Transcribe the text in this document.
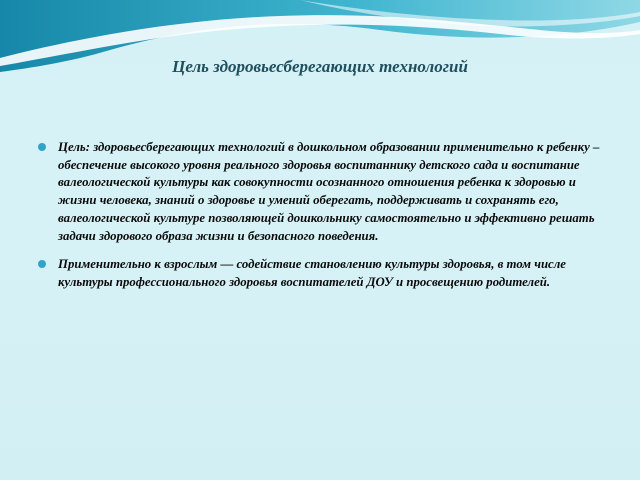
Цель здоровьесберегающих технологий
Цель: здоровьесберегающих технологий в дошкольном образовании применительно к ребенку – обеспечение высокого уровня реального здоровья воспитаннику детского сада и воспитание валеологической культуры как совокупности осознанного отношения ребенка к здоровью и жизни человека, знаний о здоровье и умений оберегать, поддерживать и сохранять его, валеологической культуре позволяющей дошкольнику самостоятельно и эффективно решать задачи здорового образа жизни и безопасного поведения.
Применительно к взрослым — содействие становлению культуры здоровья, в том числе культуры профессионального здоровья воспитателей ДОУ и просвещению родителей.
